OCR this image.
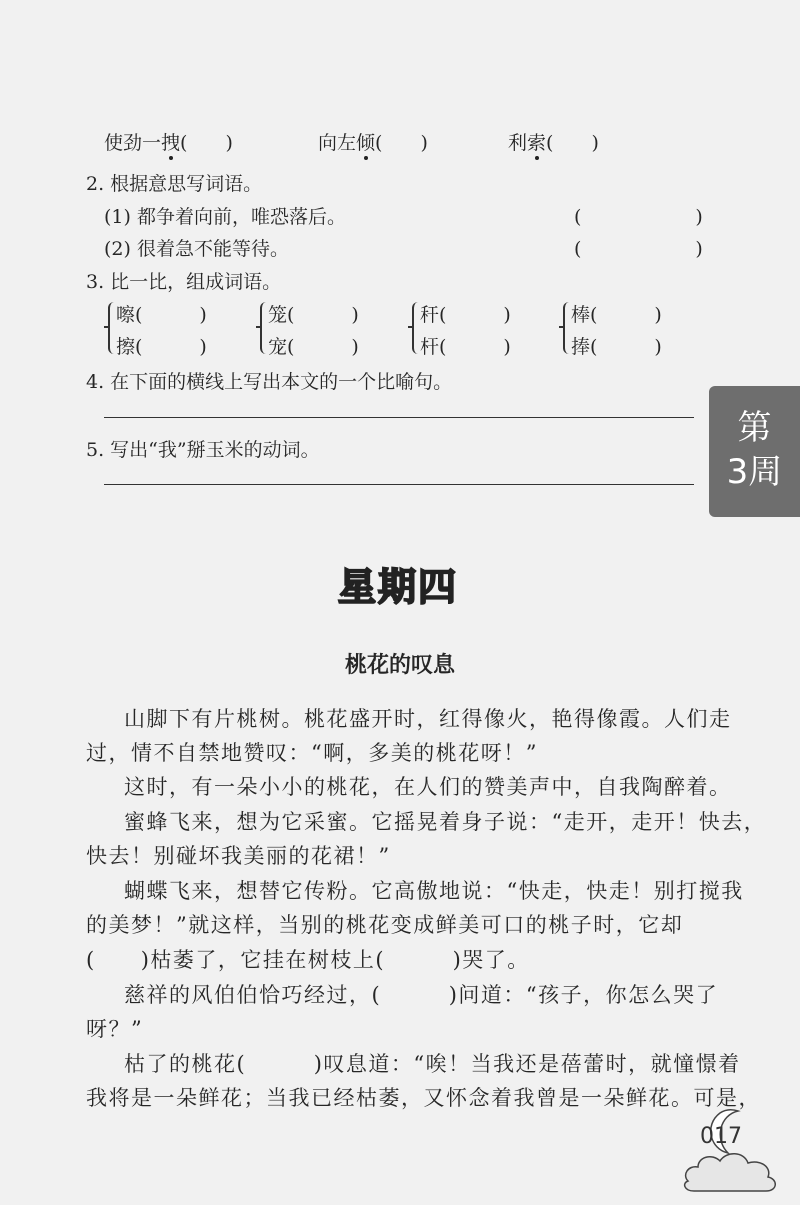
使劲一拽(　　)	向左倾(　　)	利索(　　)
2. 根据意思写词语。
(1) 都争着向前，唯恐落后。	(　　　　　　)
(2) 很着急不能等待。	(　　　　　　)
3. 比一比，组成词语。
嚓(　　　)
擦(　　　)
笼(　　　)
宠(　　　)
秆(　　　)
杆(　　　)
棒(　　　)
捧(　　　)
4. 在下面的横线上写出本文的一个比喻句。
5. 写出“我”掰玉米的动词。
第
3周
星期四
桃花的叹息
山脚下有片桃树。桃花盛开时，红得像火，艳得像霞。人们走
过，情不自禁地赞叹：“啊，多美的桃花呀！”
这时，有一朵小小的桃花，在人们的赞美声中，自我陶醉着。
蜜蜂飞来，想为它采蜜。它摇晃着身子说：“走开，走开！快去，
快去！别碰坏我美丽的花裙！”
蝴蝶飞来，想替它传粉。它高傲地说：“快走，快走！别打搅我
的美梦！”就这样，当别的桃花变成鲜美可口的桃子时，它却
(　　)枯萎了，它挂在树枝上(　　　)哭了。
慈祥的风伯伯恰巧经过，(　　　)问道：“孩子，你怎么哭了
呀？”
枯了的桃花(　　　)叹息道：“唉！当我还是蓓蕾时，就憧憬着
我将是一朵鲜花；当我已经枯萎，又怀念着我曾是一朵鲜花。可是，
017
